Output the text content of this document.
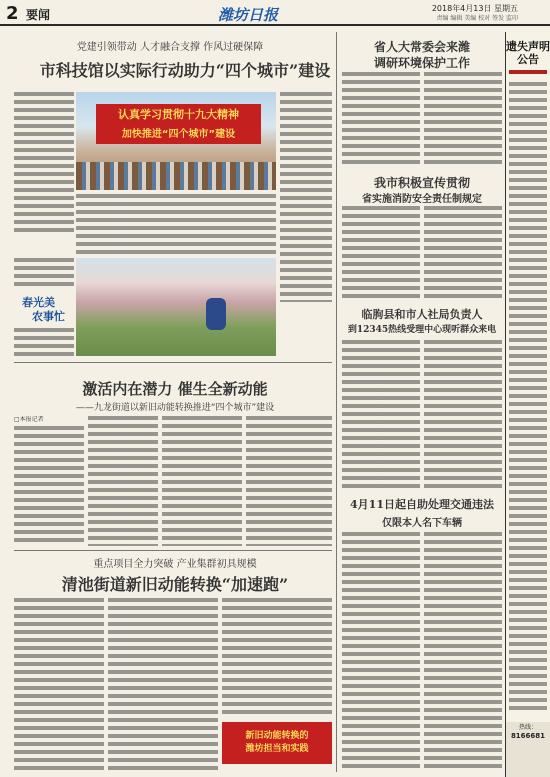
2 要闻	潍坊日报	2018年4月13日 星期五
责编 编辑 美编 校对 签发 监印
党建引领带动 人才融合支撑 作风过硬保障
市科技馆以实际行动助力“四个城市”建设
认真学习贯彻十九大精神
加快推进“四个城市”建设
春光美
农事忙
激活内在潜力 催生全新动能
——九龙街道以新旧动能转换推进“四个城市”建设
□本报记者
重点项目全力突破 产业集群初具规模
清池街道新旧动能转换“加速跑”
新旧动能转换的
潍坊担当和实践
省人大常委会来潍
调研环境保护工作
我市积极宣传贯彻
省实施消防安全责任制规定
临朐县和市人社局负责人
到12345热线受理中心现听群众来电
4月11日起自助处理交通违法
仅限本人名下车辆
遗失声明公告
热线：
8166681
